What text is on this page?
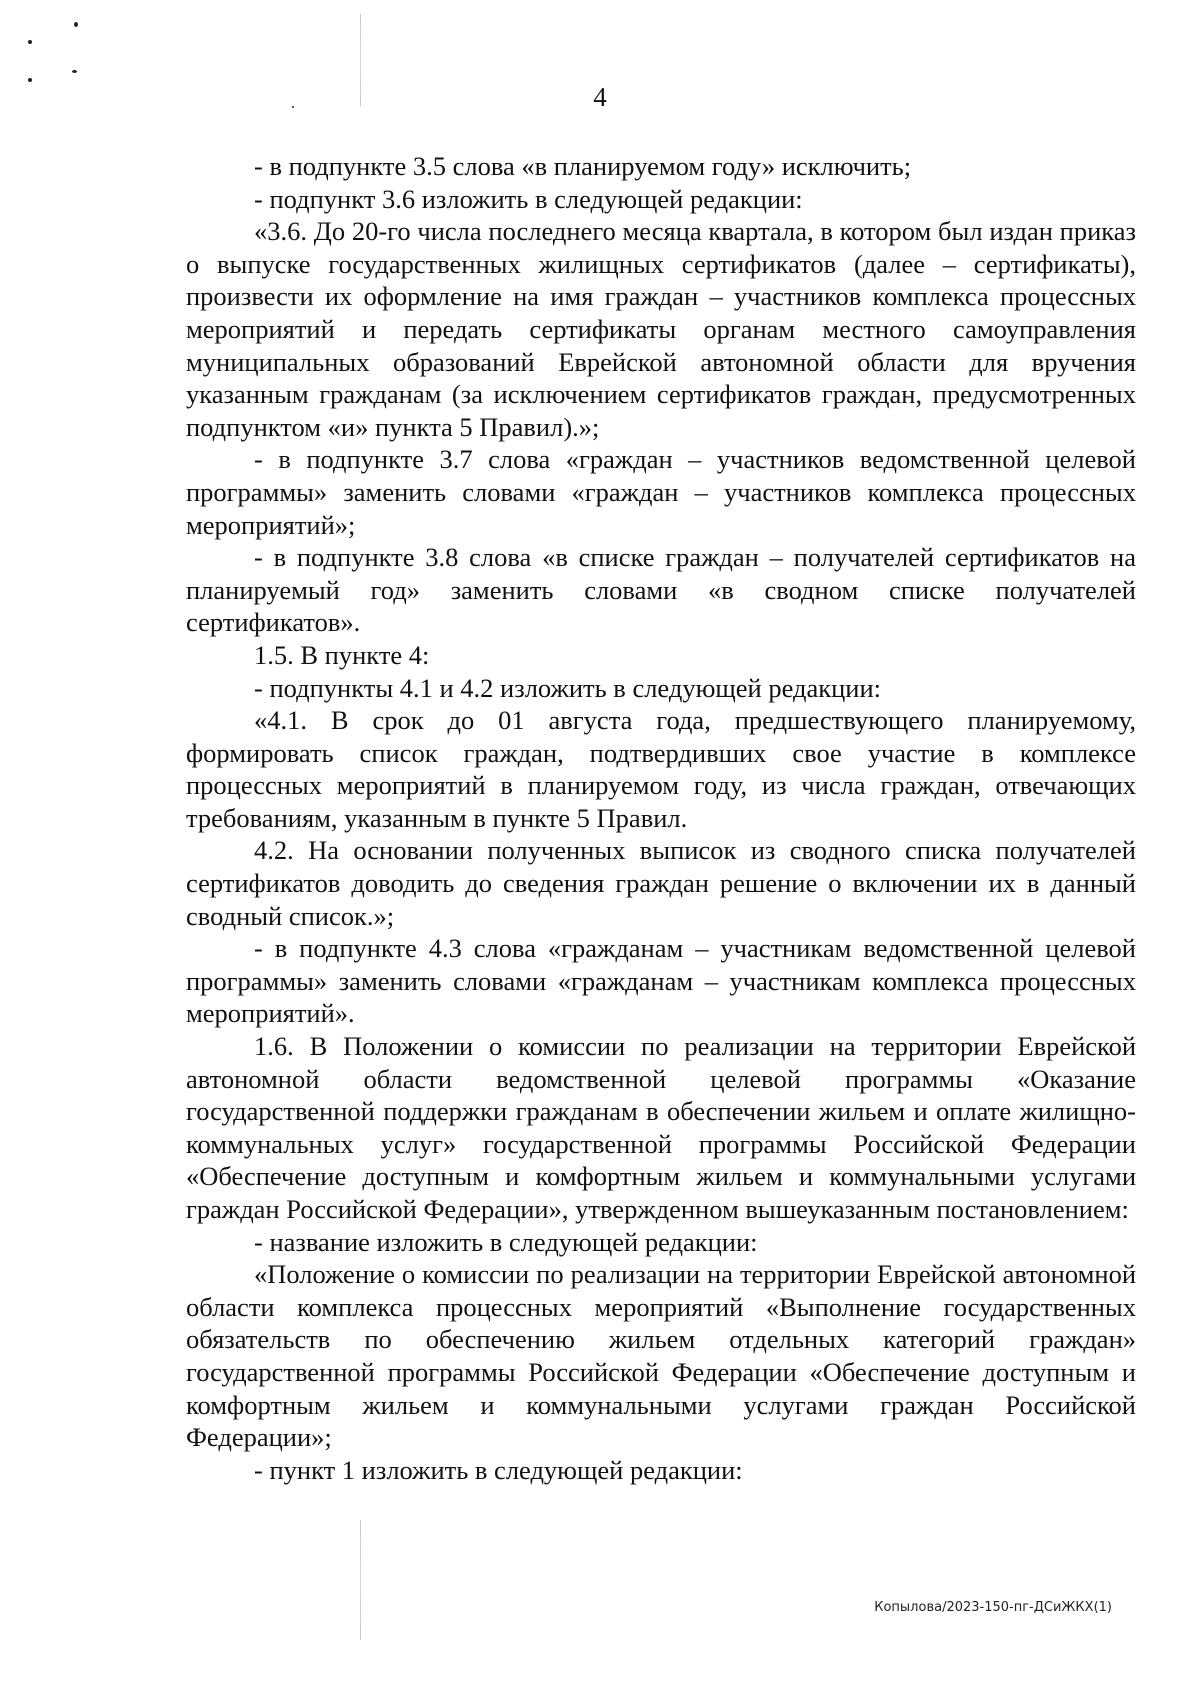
4

- в подпункте 3.5 слова «в планируемом году» исключить;

- подпункт 3.6 изложить в следующей редакции:

«3.6. До 20-го числа последнего месяца квартала, в котором был издан приказ о выпуске государственных жилищных сертификатов (далее – сертификаты), произвести их оформление на имя граждан – участников комплекса процессных мероприятий и передать сертификаты органам местного самоуправления муниципальных образований Еврейской автономной области для вручения указанным гражданам (за исключением сертификатов граждан, предусмотренных подпунктом «и» пункта 5 Правил).»;

- в подпункте 3.7 слова «граждан – участников ведомственной целевой программы» заменить словами «граждан – участников комплекса процессных мероприятий»;

- в подпункте 3.8 слова «в списке граждан – получателей сертификатов на планируемый год» заменить словами «в сводном списке получателей сертификатов».

1.5. В пункте 4:

- подпункты 4.1 и 4.2 изложить в следующей редакции:

«4.1. В срок до 01 августа года, предшествующего планируемому, формировать список граждан, подтвердивших свое участие в комплексе процессных мероприятий в планируемом году, из числа граждан, отвечающих требованиям, указанным в пункте 5 Правил.

4.2. На основании полученных выписок из сводного списка получателей сертификатов доводить до сведения граждан решение о включении их в данный сводный список.»;

- в подпункте 4.3 слова «гражданам – участникам ведомственной целевой программы» заменить словами «гражданам – участникам комплекса процессных мероприятий».

1.6. В Положении о комиссии по реализации на территории Еврейской автономной области ведомственной целевой программы «Оказание государственной поддержки гражданам в обеспечении жильем и оплате жилищно-коммунальных услуг» государственной программы Российской Федерации «Обеспечение доступным и комфортным жильем и коммунальными услугами граждан Российской Федерации», утвержденном вышеуказанным постановлением:

- название изложить в следующей редакции:

«Положение о комиссии по реализации на территории Еврейской автономной области комплекса процессных мероприятий «Выполнение государственных обязательств по обеспечению жильем отдельных категорий граждан» государственной программы Российской Федерации «Обеспечение доступным и комфортным жильем и коммунальными услугами граждан Российской Федерации»;

- пункт 1 изложить в следующей редакции:

Копылова/2023-150-пг-ДСиЖКХ(1)
